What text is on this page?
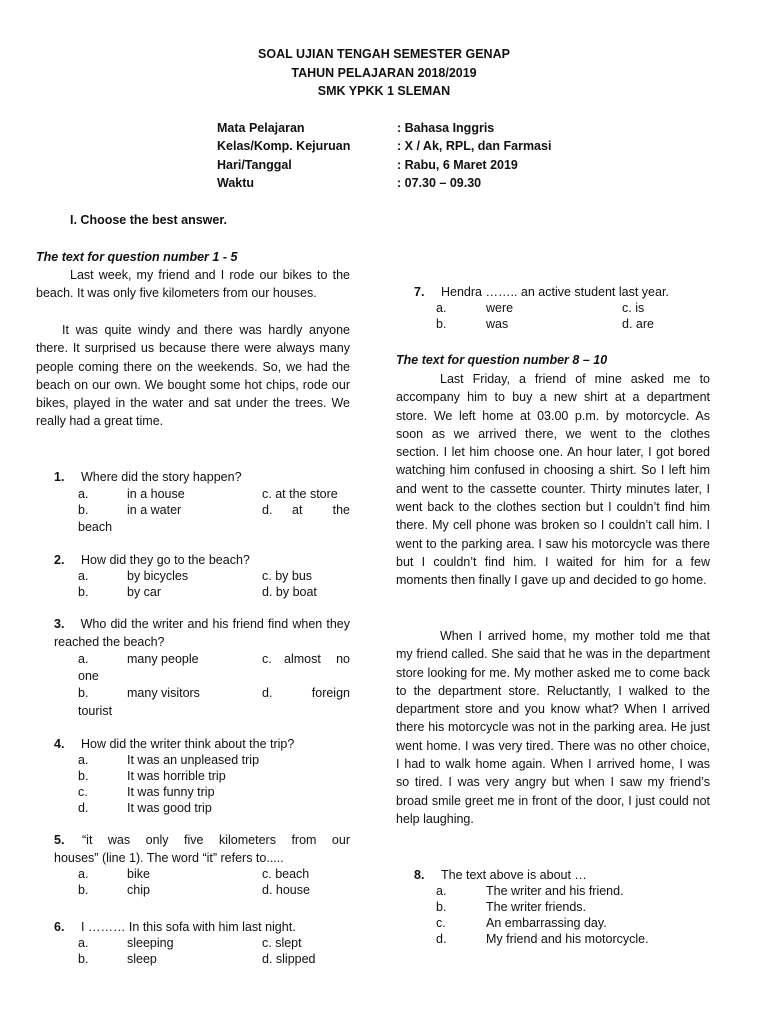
SOAL UJIAN TENGAH SEMESTER GENAP
TAHUN PELAJARAN 2018/2019
SMK YPKK 1 SLEMAN
Mata Pelajaran	: Bahasa Inggris
Kelas/Komp. Kejuruan	: X / Ak, RPL, dan Farmasi
Hari/Tanggal	: Rabu, 6 Maret 2019
Waktu	: 07.30 – 09.30
I. Choose the best answer.
The text for question number 1 - 5
Last week, my friend and I rode our bikes to the beach. It was only five kilometers from our houses.
It was quite windy and there was hardly anyone there. It surprised us because there were always many people coming there on the weekends. So, we had the beach on our own. We bought some hot chips, rode our bikes, played in the water and sat under the trees. We really had a great time.
1. Where did the story happen?
a.	in a house	c. at the store
b.	in a water	d. at the
beach
2. How did they go to the beach?
a.	by bicycles	c. by bus
b.	by car	d. by boat
3. Who did the writer and his friend find when they reached the beach?
a.	many people	c. almost no
one
b.	many visitors	d.	foreign
tourist
4. How did the writer think about the trip?
a.	It was an unpleased trip
b.	It was horrible trip
c.	It was funny trip
d.	It was good trip
5. “it was only five kilometers from our
houses” (line 1). The word “it” refers to.....
a.	bike	c. beach
b.	chip	d. house
6. I ……… In this sofa with him last night.
a.	sleeping	c. slept
b.	sleep	d. slipped
7. Hendra …….. an active student last year.
a.	were	c. is
b.	was	d. are
The text for question number 8 – 10
Last Friday, a friend of mine asked me to accompany him to buy a new shirt at a department store. We left home at 03.00 p.m. by motorcycle. As soon as we arrived there, we went to the clothes section. I let him choose one. An hour later, I got bored watching him confused in choosing a shirt. So I left him and went to the cassette counter. Thirty minutes later, I went back to the clothes section but I couldn’t find him there. My cell phone was broken so I couldn’t call him. I went to the parking area. I saw his motorcycle was there but I couldn’t find him. I waited for him for a few moments then finally I gave up and decided to go home.
When I arrived home, my mother told me that my friend called. She said that he was in the department store looking for me. My mother asked me to come back to the department store. Reluctantly, I walked to the department store and you know what? When I arrived there his motorcycle was not in the parking area. He just went home. I was very tired. There was no other choice, I had to walk home again. When I arrived home, I was so tired. I was very angry but when I saw my friend’s broad smile greet me in front of the door, I just could not help laughing.
8. The text above is about …
a.	The writer and his friend.
b.	The writer friends.
c.	An embarrassing day.
d.	My friend and his motorcycle.
